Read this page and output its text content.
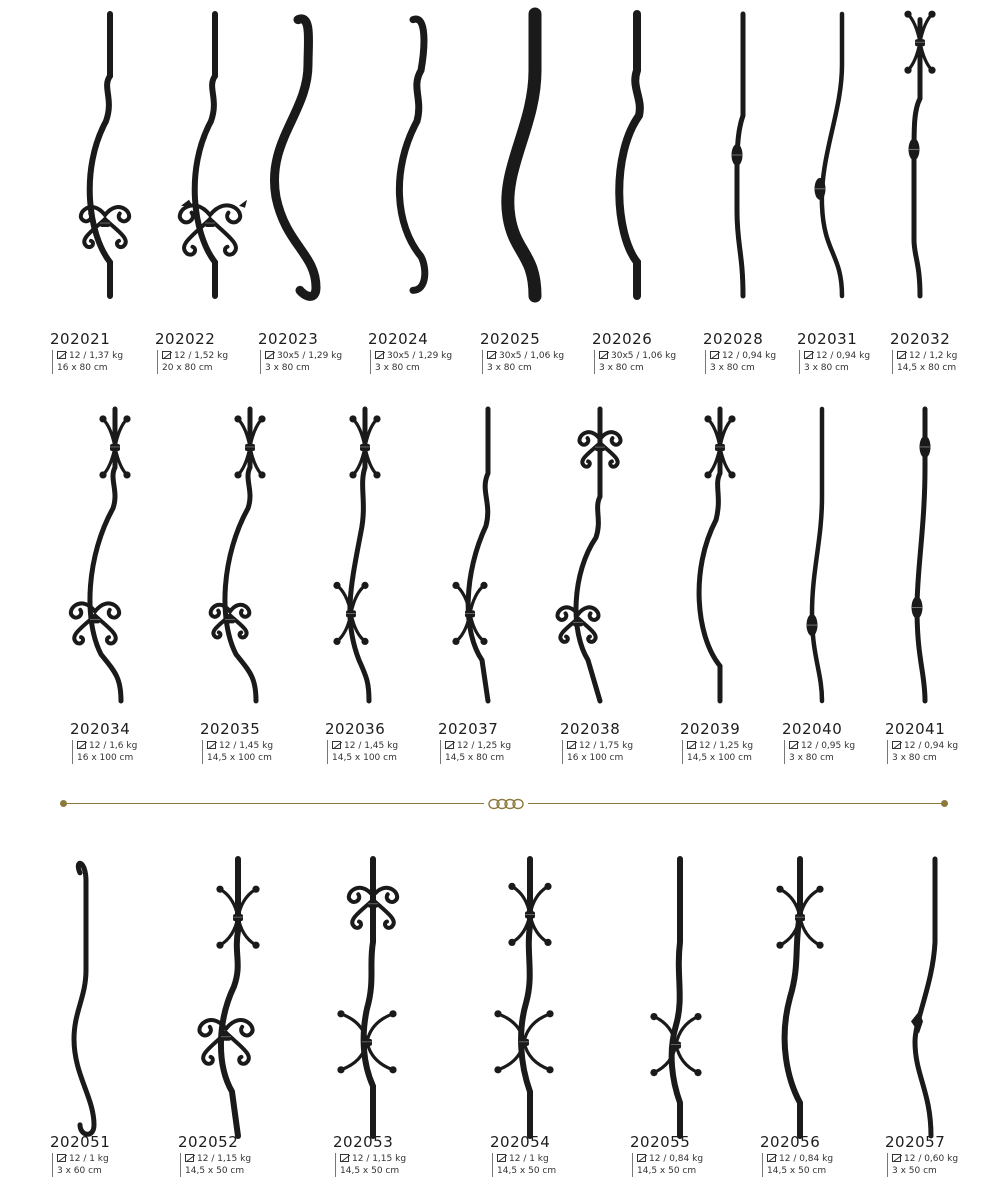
202021
12 / 1,37 kg
16 x 80 cm
202022
12 / 1,52 kg
20 x 80 cm
202023
30x5 / 1,29 kg
3 x 80 cm
202024
30x5 / 1,29 kg
3 x 80 cm
202025
30x5 / 1,06 kg
3 x 80 cm
202026
30x5 / 1,06 kg
3 x 80 cm
202028
12 / 0,94 kg
3 x 80 cm
202031
12 / 0,94 kg
3 x 80 cm
202032
12 / 1,2 kg
14,5 x 80 cm
202034
12 / 1,6 kg
16 x 100 cm
202035
12 / 1,45 kg
14,5 x 100 cm
202036
12 / 1,45 kg
14,5 x 100 cm
202037
12 / 1,25 kg
14,5 x 80 cm
202038
12 / 1,75 kg
16 x 100 cm
202039
12 / 1,25 kg
14,5 x 100 cm
202040
12 / 0,95 kg
3 x 80 cm
202041
12 / 0,94 kg
3 x 80 cm
202051
12 / 1 kg
3 x 60 cm
202052
12 / 1,15 kg
14,5 x 50 cm
202053
12 / 1,15 kg
14,5 x 50 cm
202054
12 / 1 kg
14,5 x 50 cm
202055
12 / 0,84 kg
14,5 x 50 cm
202056
12 / 0,84 kg
14,5 x 50 cm
202057
12 / 0,60 kg
3 x 50 cm
